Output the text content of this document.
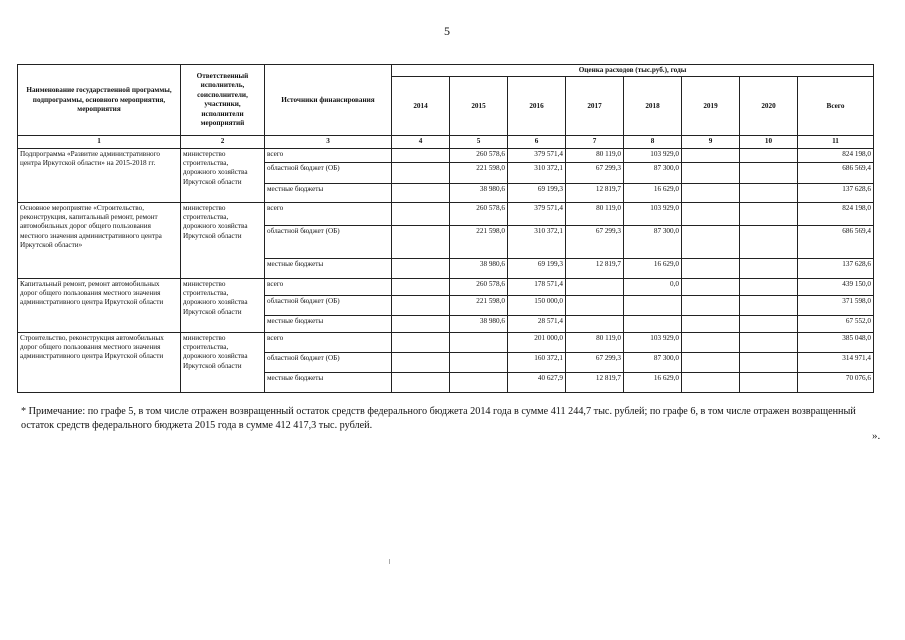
5
Наименование государственной программы, подпрограммы, основного мероприятия, мероприятия	Ответственный исполнитель, соисполнители, участники, исполнители мероприятий	Источники финансирования	Оценка расходов (тыс.руб.), годы							
			2014	2015	2016	2017	2018	2019	2020	Всего
1	2	3	4	5	6	7	8	9	10	11
Подпрограмма «Развитие административного центра Иркутской области» на 2015-2018 гг.	министерство строительства, дорожного хозяйства Иркутской области	всего		260 578,6	379 571,4	80 119,0	103 929,0			824 198,0
		областной бюджет (ОБ)		221 598,0	310 372,1	67 299,3	87 300,0			686 569,4
		местные бюджеты		38 980,6	69 199,3	12 819,7	16 629,0			137 628,6
Основное мероприятие «Строительство, реконструкция, капитальный ремонт, ремонт автомобильных дорог общего пользования местного значения административного центра Иркутской области»	министерство строительства, дорожного хозяйства Иркутской области	всего		260 578,6	379 571,4	80 119,0	103 929,0			824 198,0
		областной бюджет (ОБ)		221 598,0	310 372,1	67 299,3	87 300,0			686 569,4
		местные бюджеты		38 980,6	69 199,3	12 819,7	16 629,0			137 628,6
Капитальный ремонт, ремонт автомобильных дорог общего пользования местного значения административного центра Иркутской области	министерство строительства, дорожного хозяйства Иркутской области	всего		260 578,6	178 571,4		0,0			439 150,0
		областной бюджет (ОБ)		221 598,0	150 000,0					371 598,0
		местные бюджеты		38 980,6	28 571,4					67 552,0
Строительство, реконструкция автомобильных дорог общего пользования местного значения административного центра Иркутской области	министерство строительства, дорожного хозяйства Иркутской области	всего			201 000,0	80 119,0	103 929,0			385 048,0
		областной бюджет (ОБ)			160 372,1	67 299,3	87 300,0			314 971,4
		местные бюджеты			40 627,9	12 819,7	16 629,0			70 076,6
* Примечание: по графе 5, в том числе отражен возвращенный остаток средств федерального бюджета 2014 года в сумме 411 244,7 тыс. рублей; по графе 6, в том числе отражен возвращенный остаток средств федерального бюджета 2015 года в сумме 412 417,3 тыс. рублей.
».
